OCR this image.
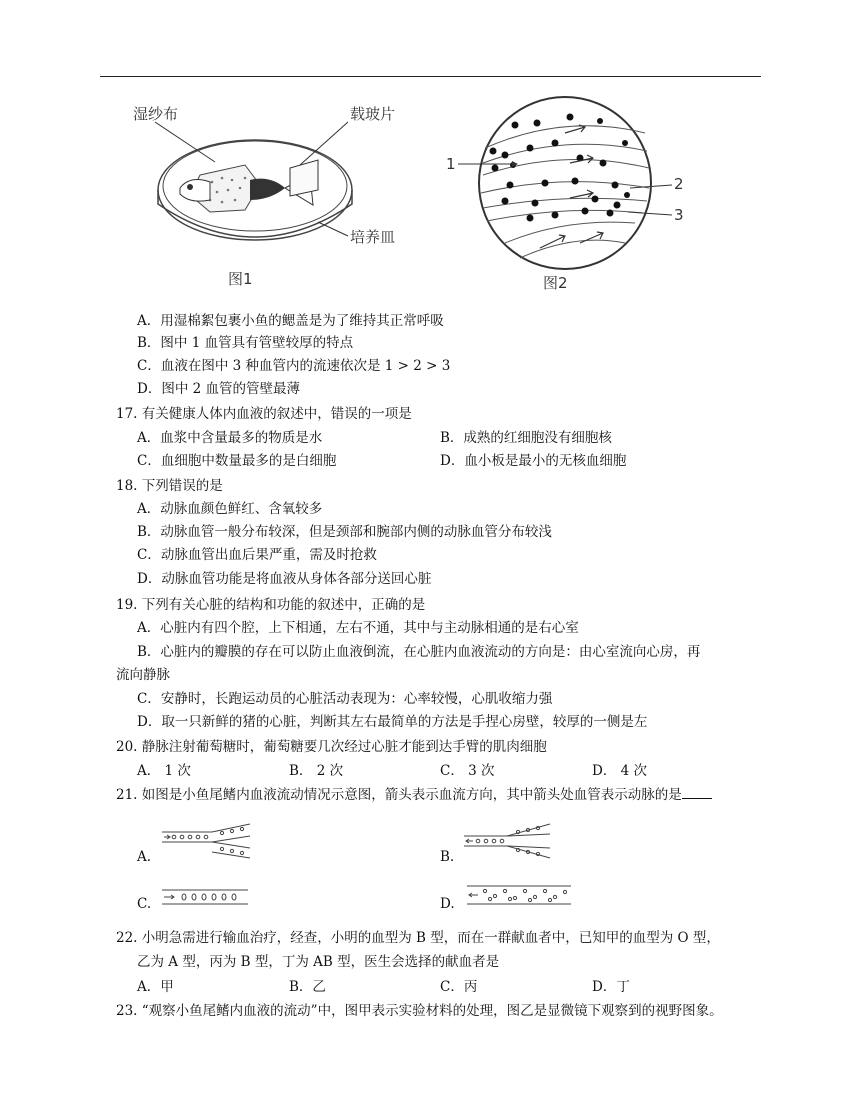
湿纱布	载玻片
培养皿
图1
1
2
3
图2
A．用湿棉絮包裹小鱼的鳃盖是为了维持其正常呼吸
B．图中 1 血管具有管壁较厚的特点
C．血液在图中 3 种血管内的流速依次是 1 > 2 > 3
D．图中 2 血管的管壁最薄
17. 有关健康人体内血液的叙述中，错误的一项是
A．血浆中含量最多的物质是水	B．成熟的红细胞没有细胞核
C．血细胞中数量最多的是白细胞	D．血小板是最小的无核血细胞
18. 下列错误的是
A．动脉血颜色鲜红、含氧较多
B．动脉血管一般分布较深，但是颈部和腕部内侧的动脉血管分布较浅
C．动脉血管出血后果严重，需及时抢救
D．动脉血管功能是将血液从身体各部分送回心脏
19. 下列有关心脏的结构和功能的叙述中，正确的是
A．心脏内有四个腔，上下相通，左右不通，其中与主动脉相通的是右心室
B．心脏内的瓣膜的存在可以防止血液倒流，在心脏内血液流动的方向是：由心室流向心房，再
流向静脉
C．安静时，长跑运动员的心脏活动表现为：心率较慢，心肌收缩力强
D．取一只新鲜的猪的心脏，判断其左右最简单的方法是手捏心房壁，较厚的一侧是左
20. 静脉注射葡萄糖时，葡萄糖要几次经过心脏才能到达手臂的肌肉细胞
A． 1 次	B． 2 次	C． 3 次	D． 4 次
21. 如图是小鱼尾鳍内血液流动情况示意图，箭头表示血流方向，其中箭头处血管表示动脉的是
A.	B.
C.	D.
22. 小明急需进行输血治疗，经查，小明的血型为 B 型，而在一群献血者中，已知甲的血型为 O 型，
乙为 A 型，丙为 B 型，丁为 AB 型，医生会选择的献血者是
A．甲	B．乙	C．丙	D．丁
23. “观察小鱼尾鳍内血液的流动”中，图甲表示实验材料的处理，图乙是显微镜下观察到的视野图象。
